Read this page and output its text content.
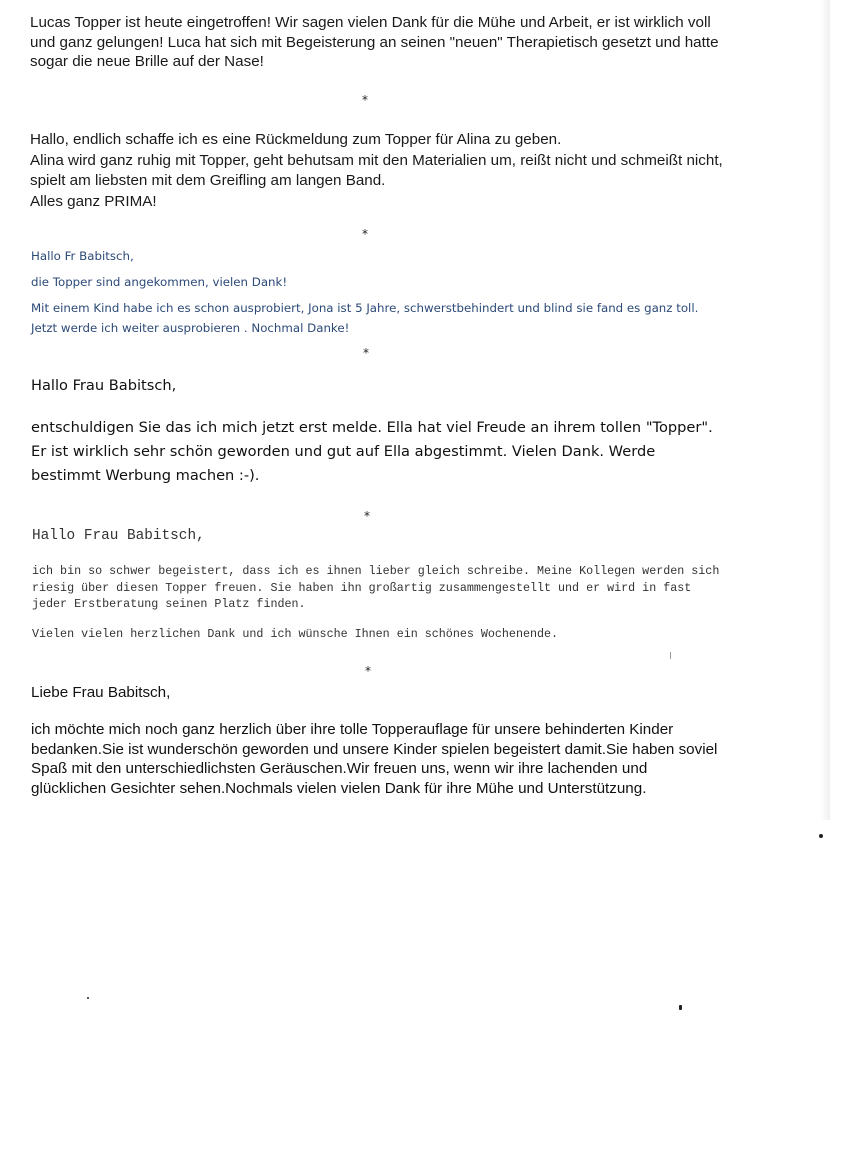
Lucas Topper ist heute eingetroffen! Wir sagen vielen Dank für die Mühe und Arbeit, er ist wirklich voll und ganz gelungen! Luca hat sich mit Begeisterung an seinen "neuen" Therapietisch gesetzt und hatte sogar die neue Brille auf der Nase!

*

Hallo, endlich schaffe ich es eine Rückmeldung zum Topper für Alina zu geben.
Alina wird ganz ruhig mit Topper, geht behutsam mit den Materialien um, reißt nicht und schmeißt nicht, spielt am liebsten mit dem Greifling am langen Band.
Alles ganz PRIMA!

*

Hallo Fr Babitsch,

die Topper sind angekommen, vielen Dank!

Mit einem Kind habe ich es schon ausprobiert, Jona ist 5 Jahre, schwerstbehindert und blind sie fand es ganz toll. Jetzt werde ich weiter ausprobieren . Nochmal Danke!

*

Hallo Frau Babitsch,

entschuldigen Sie das ich mich jetzt erst melde. Ella hat viel Freude an ihrem tollen "Topper". Er ist wirklich sehr schön geworden und gut auf Ella abgestimmt. Vielen Dank. Werde bestimmt Werbung machen :-).

*

Hallo Frau Babitsch,

ich bin so schwer begeistert, dass ich es ihnen lieber gleich schreibe. Meine Kollegen werden sich riesig über diesen Topper freuen. Sie haben ihn großartig zusammengestellt und er wird in fast jeder Erstberatung seinen Platz finden.

Vielen vielen herzlichen Dank und ich wünsche Ihnen ein schönes Wochenende.

*

Liebe Frau Babitsch,

ich möchte mich noch ganz herzlich über ihre tolle Topperauflage für unsere behinderten Kinder bedanken.Sie ist wunderschön geworden und unsere Kinder spielen begeistert damit.Sie haben soviel Spaß mit den unterschiedlichsten Geräuschen.Wir freuen uns, wenn wir ihre lachenden und glücklichen Gesichter sehen.Nochmals vielen vielen Dank für ihre Mühe und Unterstützung.
